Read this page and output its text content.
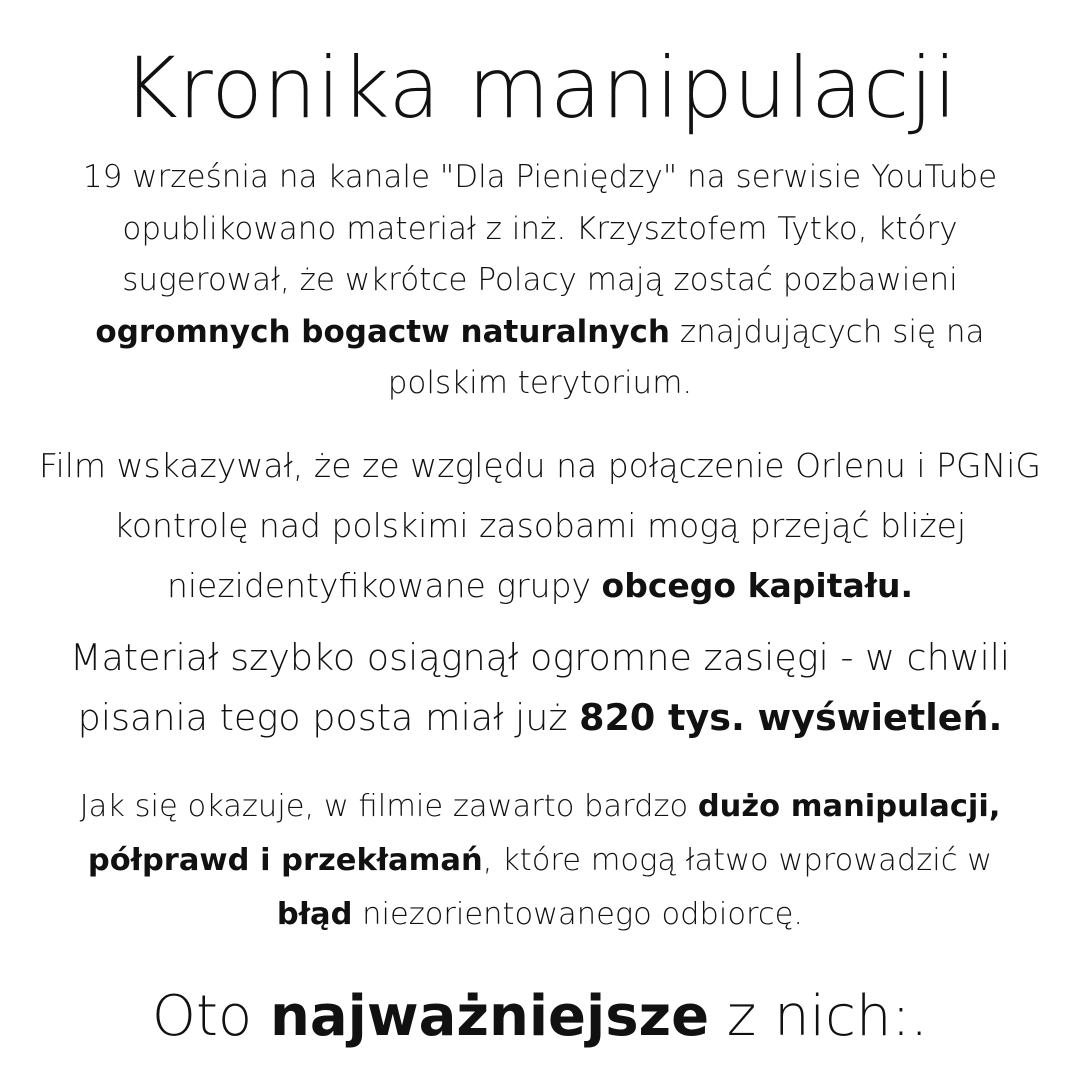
Kronika manipulacji
19 września na kanale "Dla Pieniędzy" na serwisie YouTube
opublikowano materiał z inż. Krzysztofem Tytko, który
sugerował, że wkrótce Polacy mają zostać pozbawieni
ogromnych bogactw naturalnych znajdujących się na
polskim terytorium.
Film wskazywał, że ze względu na połączenie Orlenu i PGNiG
kontrolę nad polskimi zasobami mogą przejąć bliżej
niezidentyfikowane grupy obcego kapitału.
Materiał szybko osiągnął ogromne zasięgi - w chwili
pisania tego posta miał już 820 tys. wyświetleń.
Jak się okazuje, w filmie zawarto bardzo dużo manipulacji,
półprawd i przekłamań, które mogą łatwo wprowadzić w
błąd niezorientowanego odbiorcę.
Oto najważniejsze z nich:.
